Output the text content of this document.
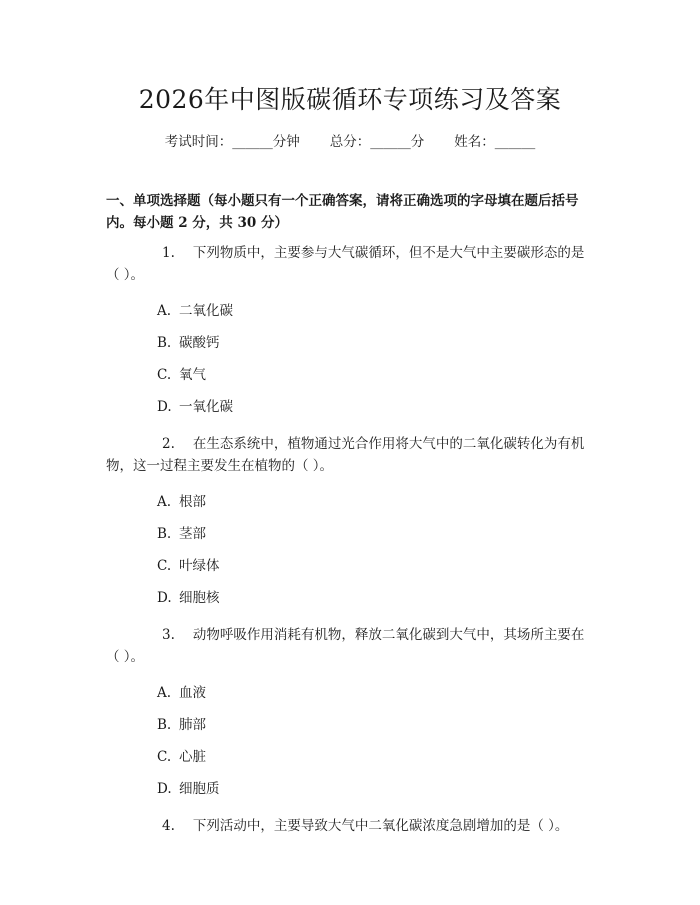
2026年中图版碳循环专项练习及答案
考试时间：______分钟 总分：______分 姓名：______
一、单项选择题（每小题只有一个正确答案，请将正确选项的字母填在题后括号内。每小题 2 分，共 30 分）
1. 下列物质中，主要参与大气碳循环，但不是大气中主要碳形态的是（ ）。
A. 二氧化碳
B. 碳酸钙
C. 氧气
D. 一氧化碳
2. 在生态系统中，植物通过光合作用将大气中的二氧化碳转化为有机物，这一过程主要发生在植物的（ ）。
A. 根部
B. 茎部
C. 叶绿体
D. 细胞核
3. 动物呼吸作用消耗有机物，释放二氧化碳到大气中，其场所主要在（ ）。
A. 血液
B. 肺部
C. 心脏
D. 细胞质
4. 下列活动中，主要导致大气中二氧化碳浓度急剧增加的是（ ）。
